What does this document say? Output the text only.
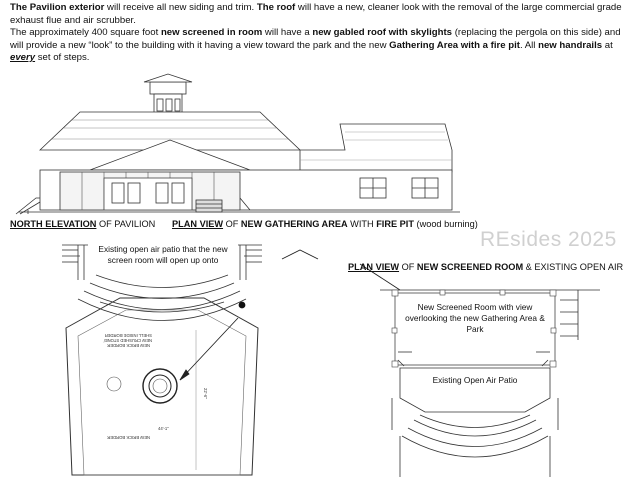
The Pavilion exterior will receive all new siding and trim. The roof will have a new, cleaner look with the removal of the large commercial grade exhaust flue and air scrubber.

The approximately 400 square foot new screened in room will have a new gabled roof with skylights (replacing the pergola on this side) and will provide a new “look” to the building with it having a view toward the park and the new Gathering Area with a fire pit. All new handrails at every set of steps.

NEW BRICK BORDER
SHELL INSIDE BORDER
NEW CRUSHED STONE/
NEW BRICK BORDER
22'-6"
44'-1"
NORTH ELEVATION OF PAVILION PLAN VIEW OF NEW GATHERING AREA WITH FIRE PIT (wood burning)
PLAN VIEW OF NEW SCREENED ROOM & EXISTING OPEN AIR
Existing open air patio that the new screen room will open up onto
New Screened Room with view overlooking the new Gathering Area & Park
Existing Open Air Patio
REsides 2025
